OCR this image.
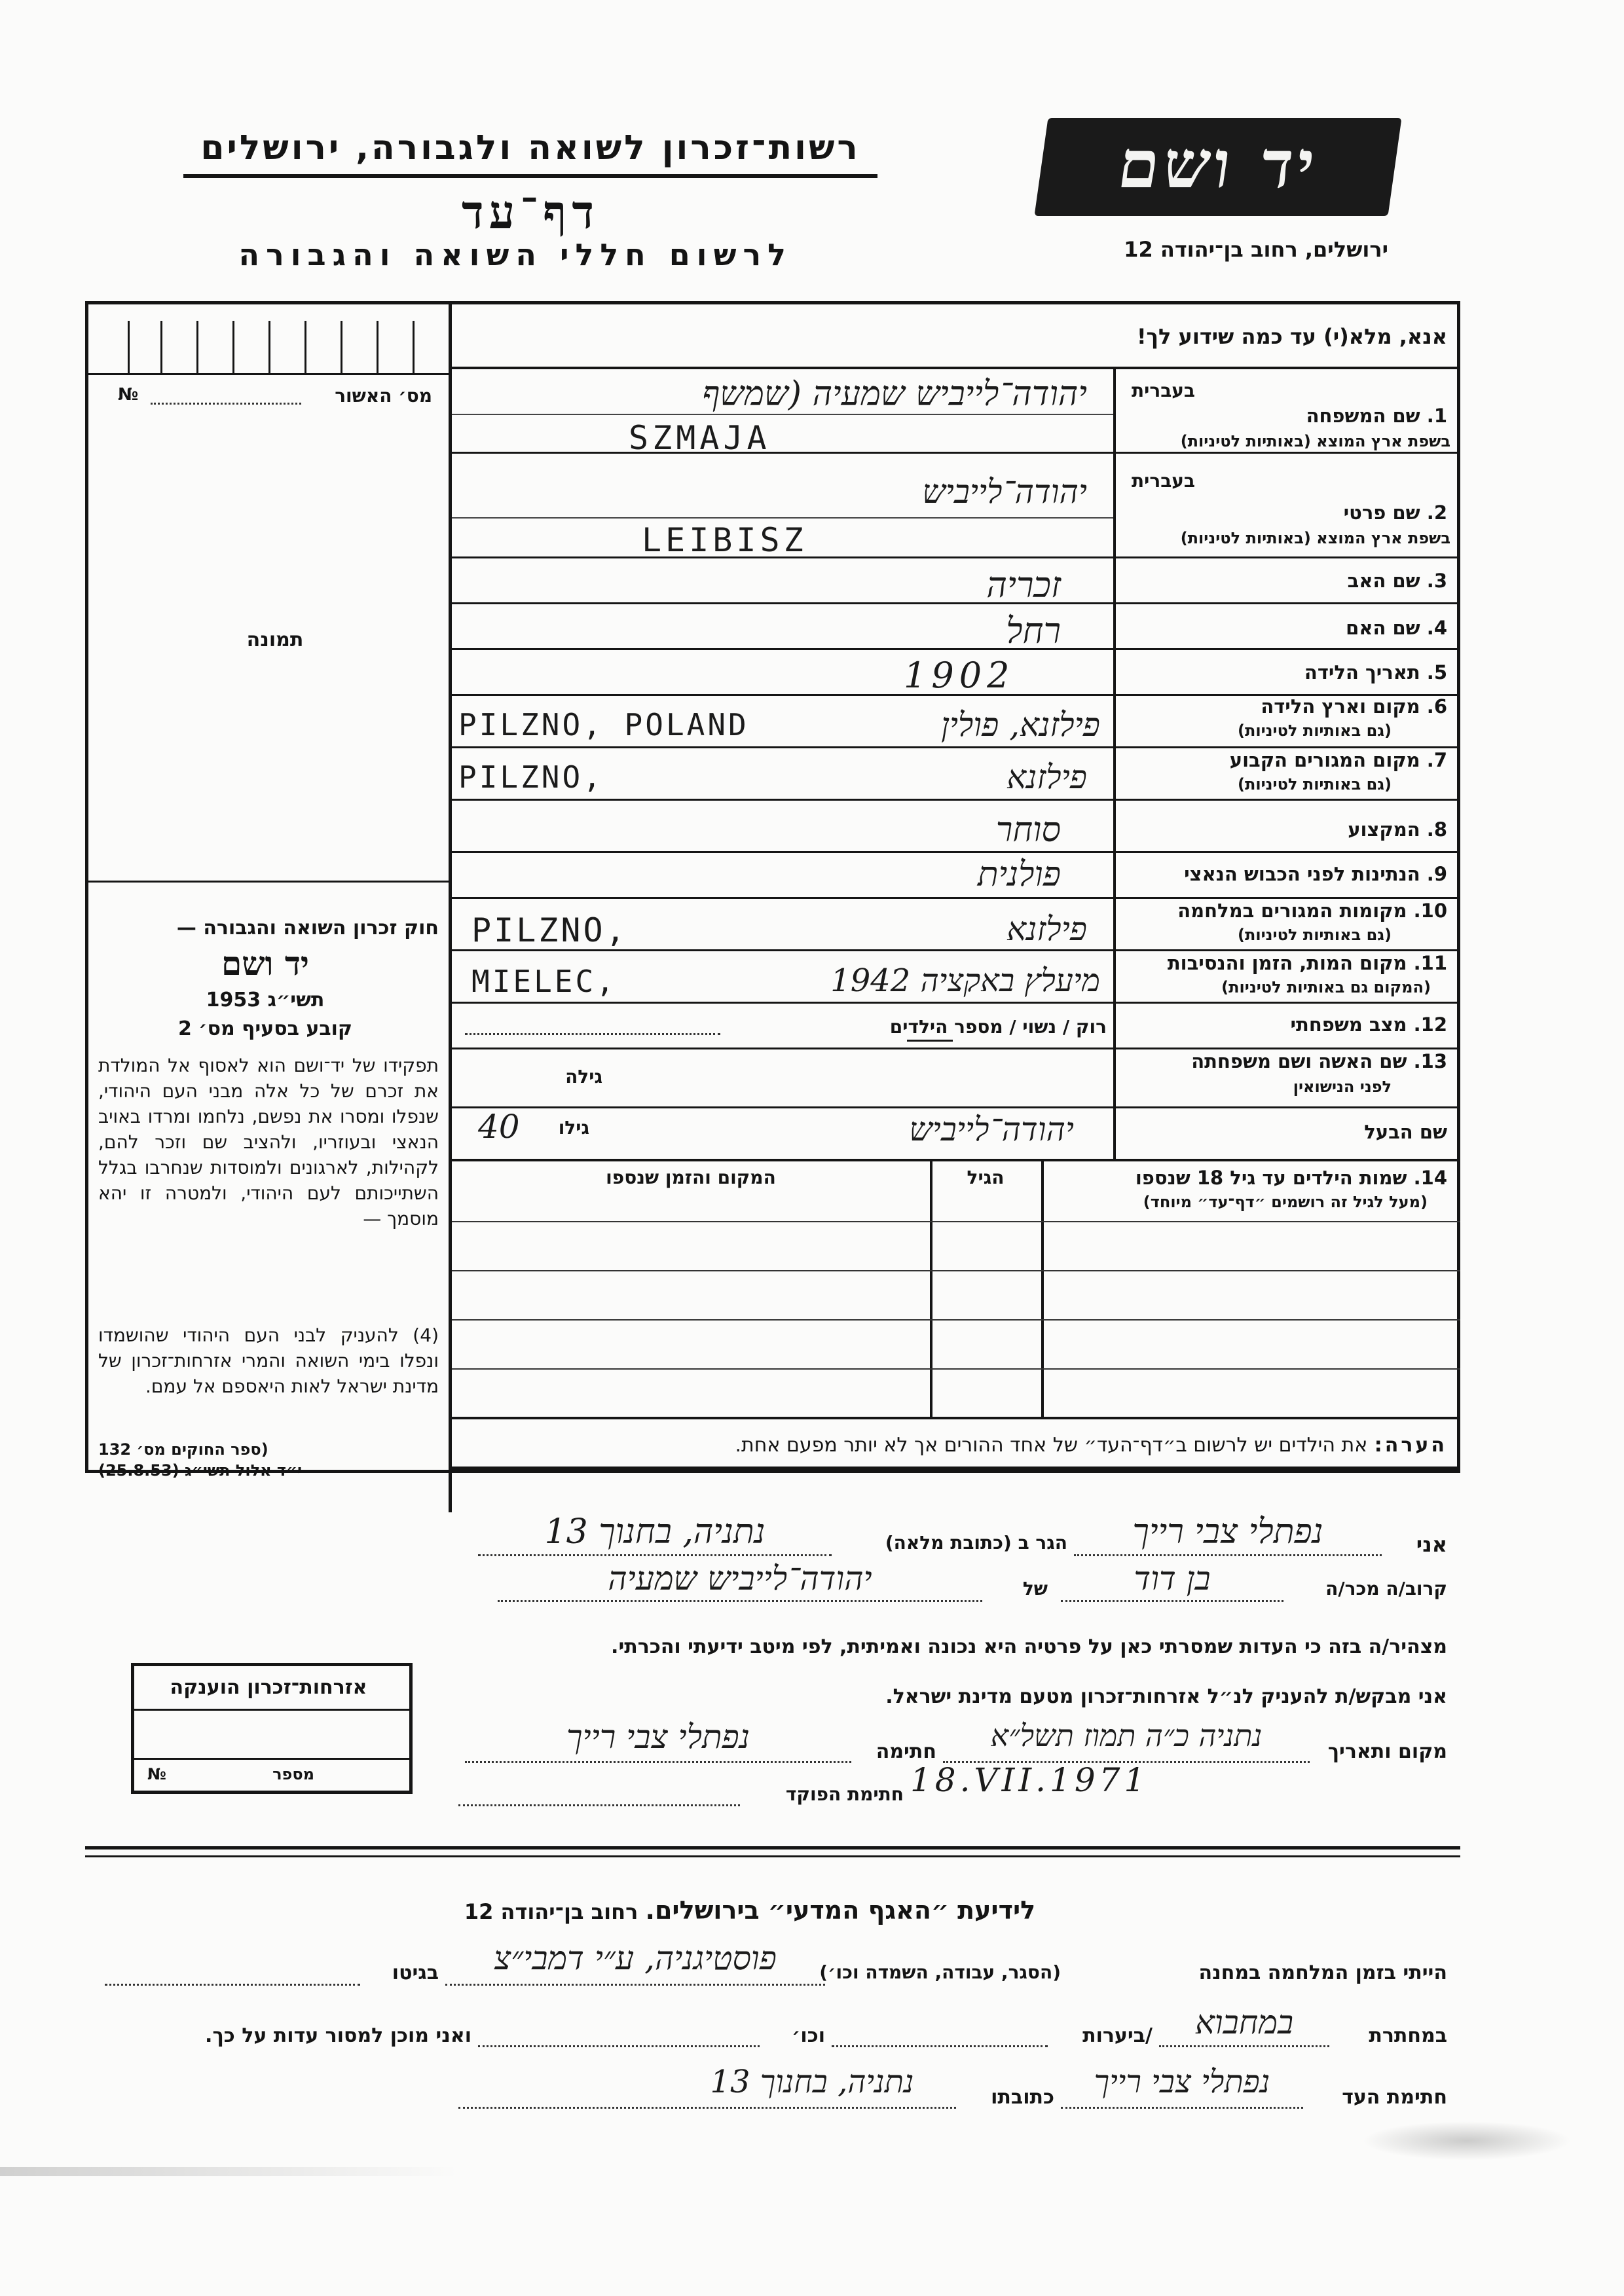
רשות־זכרון לשואה ולגבורה, ירושלים
דף־עד
לרשום חללי השואה והגבורה
יד ושם
ירושלים, רחוב בן־יהודה 12
אנא, מלא(י) עד כמה שידוע לך!
מס׳ האשור
№
תמונה
בעברית
1. שם המשפחה
בשפת ארץ המוצא (באותיות לטיניות)
יהודה־לייביש שמעיה (שמשף
SZMAJA
בעברית
2. שם פרטי
בשפת ארץ המוצא (באותיות לטיניות)
יהודה־לייביש
LEIBISZ
3. שם האב
זכריה
4. שם האם
רחל
5. תאריך הלידה
1902
6. מקום וארץ הלידה
(גם באותיות לטיניות)
PILZNO, POLAND	פילזנא, פולין
7. מקום המגורים הקבוע
(גם באותיות לטיניות)
PILZNO,	פילזנא
8. המקצוע
סוחר
9. הנתינות לפני הכבוש הנאצי
פולנית
10. מקומות המגורים במלחמה
(גם באותיות לטיניות)
PILZNO,	פילזנא
11. מקום המות, הזמן והנסיבות
(המקום גם באותיות לטיניות)
MIELEC,	מיעלץ באקציה 1942
12. מצב משפחתי
רוק / נשוי / מספר הילדים
13. שם האשה ושם משפחתה
לפני הנישואין
גילה
שם הבעל
יהודה־לייביש
גילו
40
14. שמות הילדים עד גיל 18 שנספו
(מעל לגיל זה רושמים ״דף־עד״ מיוחד)
הגיל
המקום והזמן שנספו
הערה: את הילדים יש לרשום ב״דף־העד״ של אחד ההורים אך לא יותר מפעם אחת.
חוק זכרון השואה והגבורה —
יד ושם
תשי״ג 1953
קובע בסעיף מס׳ 2
תפקידו של יד־ושם הוא לאסוף אל המולדת את זכרם של כל אלה מבני העם היהודי, שנפלו ומסרו את נפשם, נלחמו ומרדו באויב הנאצי ובעוזריו, ולהציב שם וזכר להם, לקהילות, לארגונים ולמוסדות שנחרבו בגלל השתייכותם לעם היהודי, ולמטרה זו יהא מוסמך —
(4) להעניק לבני העם היהודי שהושמדו ונפלו בימי השואה והמרי אזרחות־זכרון של מדינת ישראל לאות היאספם אל עמם.
(ספר החוקים מס׳ 132
י״ד אלול תשי״ג (25.8.53)
אזרחות־זכרון הוענקה
מספר
№
אני
נפתלי צבי רייך
הגר ב (כתובת מלאה)
נתניה, בחנוך 13
קרוב/ה מכר/ה
בן דוד
של
יהודה־לייביש שמעיה
מצהיר/ה בזה כי העדות שמסרתי כאן על פרטיה היא נכונה ואמיתית, לפי מיטב ידיעתי והכרתי.
אני מבקש/ת להעניק לנ״ל אזרחות־זכרון מטעם מדינת ישראל.
מקום ותאריך
נתניה כ״ה תמוז תשל״א
חתימה
נפתלי צבי רייך
חתימת הפוקד 18.VII.1971
לידיעת ״האגף המדעי״ בירושלים. רחוב בן־יהודה 12
הייתי בזמן המלחמה במחנה
(הסגר, עבודה, השמדה וכו׳)
פוסטיגניה, ע״י דמבי״צ
בגיטו
במחתרת
במחבוא
/ביערות
וכו׳
ואני מוכן למסור עדות על כך.
חתימת העד
נפתלי צבי רייך
כתובתו
נתניה, בחנוך 13
